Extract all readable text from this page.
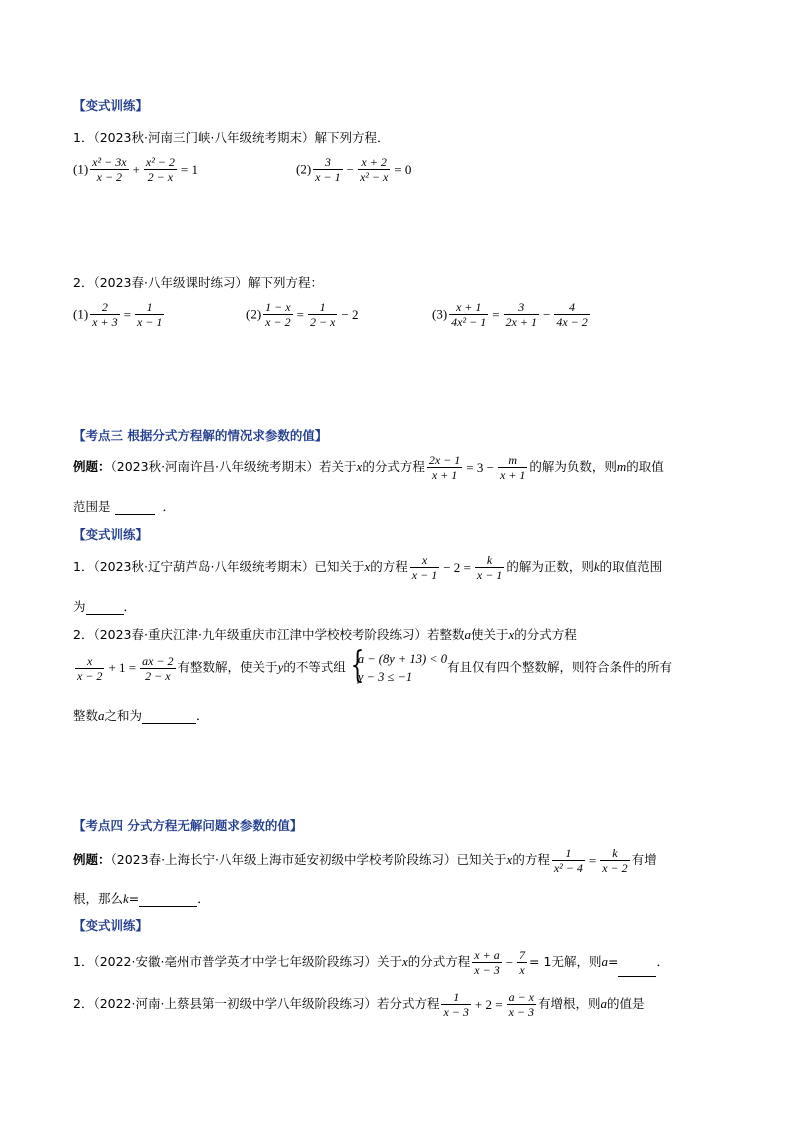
【变式训练】
1．（2023秋·河南三门峡·八年级统考期末）解下列方程．
$(1) \frac{\text{x² − 3x}}{x - 2} + \frac{\text{x² − 2}}{2 - x} = 1$	$(2) \frac{3}{x - 1} - \frac{x + 2}{\text{x² − x}} = 0$
2．（2023春·八年级课时练习）解下列方程：
$(1) \frac{2}{x + 3} = \frac{1}{x - 1}$	$(2) \frac{1 - x}{x - 2} = \frac{1}{2 - x} - 2$	$(3) \frac{x + 1}{\text{4x² − 1}} = \frac{3}{2x + 1} - \frac{4}{4x - 2}$
【考点三 根据分式方程解的情况求参数的值】
例题：（2023秋·河南许昌·八年级统考期末）若关于x的分式方程 $\frac{2x - 1}{x + 1} = 3 - \frac{m}{x + 1}$ 的解为负数，则m的取值
范围是	．
【变式训练】
1．（2023秋·辽宁葫芦岛·八年级统考期末）已知关于x的方程 $\frac{x}{x - 1} - 2 = \frac{k}{x - 1}$ 的解为正数，则k的取值范围
为	．
2．（2023春·重庆江津·九年级重庆市江津中学校校考阶段练习）若整数a使关于x的分式方程
$\frac{x}{x - 2} + 1 = \frac{ax - 2}{2 - x}$ 有整数解，使关于y的不等式组 {
a − (8y + 13) < 0
y − 3 ≤ −1
有且仅有四个整数解，则符合条件的所有
整数a之和为	．
【考点四 分式方程无解问题求参数的值】
例题：（2023春·上海长宁·八年级上海市延安初级中学校考阶段练习）已知关于x的方程 $\frac{1}{\text{x² − 4}} = \frac{k}{x - 2}$ 有增
根，那么k=	．
【变式训练】
1．（2022·安徽·亳州市普学英才中学七年级阶段练习）关于x的分式方程 $\frac{x + a}{x - 3} - \frac{7}{x} = 1$无解，则a=	．
2．（2022·河南·上蔡县第一初级中学八年级阶段练习）若分式方程 $\frac{1}{x - 3} + 2 = \frac{a - x}{x - 3}$ 有增根，则a的值是
